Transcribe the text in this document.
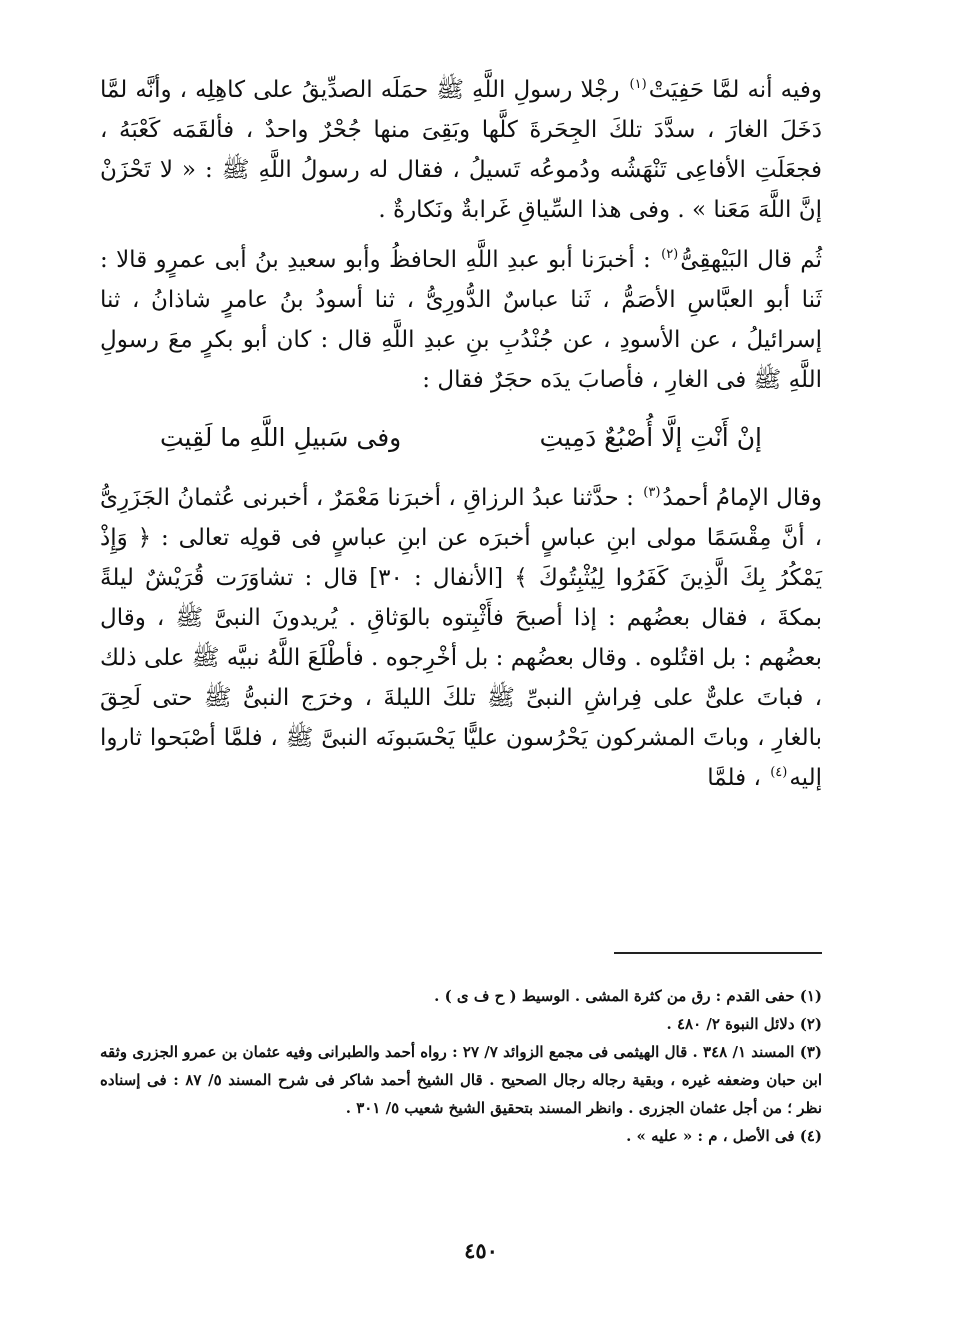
وفيه أنه لمَّا حَفِيَتْ$^{(١)}$ رجْلا رسولِ اللَّهِ ﷺ حمَلَه الصدِّيقُ على كاهِلِه ، وأنَّه لمَّا دَخَلَ الغارَ ، سدَّدَ تلكَ الجِحَرةَ كلَّها وبَقِىَ منها جُحْرٌ واحدٌ ، فألقَمَه كَعْبَهُ ، فجعَلَتِ الأفاعِى تَنْهَشُه ودُموعُه تَسيلُ ، فقال له رسولُ اللَّهِ ﷺ : « لا تَحْزَنْ إنَّ اللَّهَ مَعَنا » . وفى هذا السِّياقِ غَرابةٌ ونَكارةٌ .

ثُم قال البَيْهقِىُّ$^{(٢)}$ : أخبرَنا أبو عبدِ اللَّهِ الحافظُ وأبو سعيدِ بنُ أبى عمرٍو قالا : ثَنا أبو العبَّاسِ الأصَمُّ ، ثَنا عباسٌ الدُّورِىُّ ، ثنا أسودُ بنُ عامرٍ شاذانُ ، ثنا إسرائيلُ ، عن الأسودِ ، عن جُنْدُبِ بنِ عبدِ اللَّهِ قال : كان أبو بكرٍ معَ رسولِ اللَّهِ ﷺ فى الغارِ ، فأصابَ يدَه حجَرٌ فقال :

إنْ أَنْتِ إلَّا أُصْبُعٌ دَمِيتِ
وفى سَبيلِ اللَّهِ ما لَقِيتِ

وقال الإمامُ أحمدُ$^{(٣)}$ : حدَّثنا عبدُ الرزاقِ ، أخبرَنا مَعْمَرٌ ، أخبرنى عُثمانُ الجَزَرِىُّ ، أنَّ مِقْسَمًا مولى ابنِ عباسٍ أخبرَه عن ابنِ عباسٍ فى قولِه تعالى : ﴿ وَإِذْ يَمْكُرُ بِكَ الَّذِينَ كَفَرُوا لِيُثْبِتُوكَ ﴾ [الأنفال : ٣٠] قال : تشاوَرَت قُرَيْشٌ ليلةً بمكةَ ، فقال بعضُهم : إذا أصبحَ فأَثْبِتوه بالوَثاقِ . يُريدونَ النبىَّ ﷺ ، وقال بعضُهم : بل اقتُلوه . وقال بعضُهم : بل أخْرِجوه . فأطْلَعَ اللَّهُ نبيَّه ﷺ على ذلك ، فباتَ علىٌّ على فِراشِ النبىِّ ﷺ تلكَ الليلةَ ، وخرَج النبىُّ ﷺ حتى لَحِقَ بالغارِ ، وباتَ المشركون يَحْرُسون عليًّا يَحْسَبونَه النبىَّ ﷺ ، فلمَّا أصْبَحوا ثاروا إليه$^{(٤)}$ ، فلمَّا

(١) حفى القدم : رق من كثرة المشى . الوسيط ( ح ف ى ) .

(٢) دلائل النبوة ٢/ ٤٨٠ .

(٣) المسند ١/ ٣٤٨ . قال الهيثمى فى مجمع الزوائد ٧/ ٢٧ : رواه أحمد والطبرانى وفيه عثمان بن عمرو الجزرى وثقه ابن حبان وضعفه غيره ، وبقية رجاله رجال الصحيح . قال الشيخ أحمد شاكر فى شرح المسند ٥/ ٨٧ : فى إسناده نظر ؛ من أجل عثمان الجزرى . وانظر المسند بتحقيق الشيخ شعيب ٥/ ٣٠١ .

(٤) فى الأصل ، م : « عليه » .

٤٥٠
